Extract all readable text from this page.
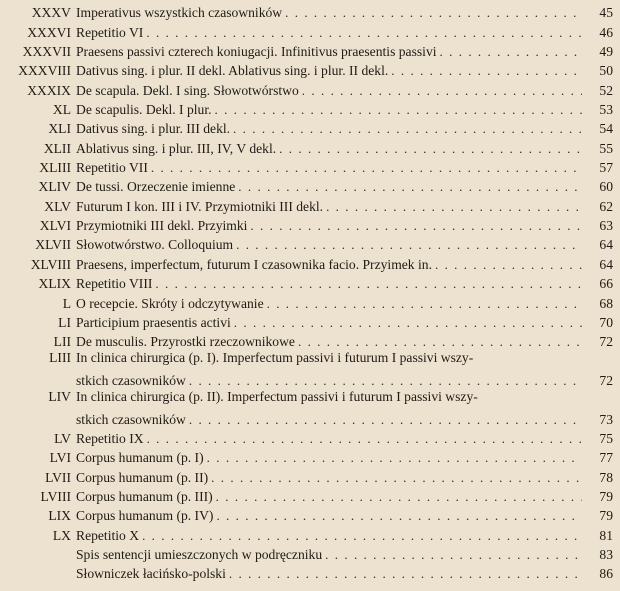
XXXV Imperativus wszystkich czasowników . . .	45
XXXVI Repetitio VI . . .	46
XXXVII Praesens passivi czterech koniugacji. Infinitivus praesentis passivi . . .	49
XXXVIII Dativus sing. i plur. II dekl. Ablativus sing. i plur. II dekl. . . .	50
XXXIX De scapula. Dekl. I sing. Słowotwórstwo . . .	52
XL De scapulis. Dekl. I plur. . . .	53
XLI Dativus sing. i plur. III dekl. . . .	54
XLII Ablativus sing. i plur. III, IV, V dekl. . . .	55
XLIII Repetitio VII . . .	57
XLIV De tussi. Orzeczenie imienne . . .	60
XLV Futurum I kon. III i IV. Przymiotniki III dekl. . . .	62
XLVI Przymiotniki III dekl. Przyimki . . .	63
XLVII Słowotwórstwo. Colloquium . . .	64
XLVIII Praesens, imperfectum, futurum I czasownika facio. Przyimek in. . . .	64
XLIX Repetitio VIII . . .	66
L O recepcie. Skróty i odczytywanie . . .	68
LI Participium praesentis activi . . .	70
LII De musculis. Przyrostki rzeczownikowe . . .	72
LIII In clinica chirurgica (p. I). Imperfectum passivi i futurum I passivi wszy-
stkich czasowników . . .	72
LIV In clinica chirurgica (p. II). Imperfectum passivi i futurum I passivi wszy-
stkich czasowników . . .	73
LV Repetitio IX . . .	75
LVI Corpus humanum (p. I) . . .	77
LVII Corpus humanum (p. II) . . .	78
LVIII Corpus humanum (p. III) . . .	79
LIX Corpus humanum (p. IV) . . .	79
LX Repetitio X . . .	81
Spis sentencji umieszczonych w podręczniku . . .	83
Słowniczek łacińsko-polski . . .	86
